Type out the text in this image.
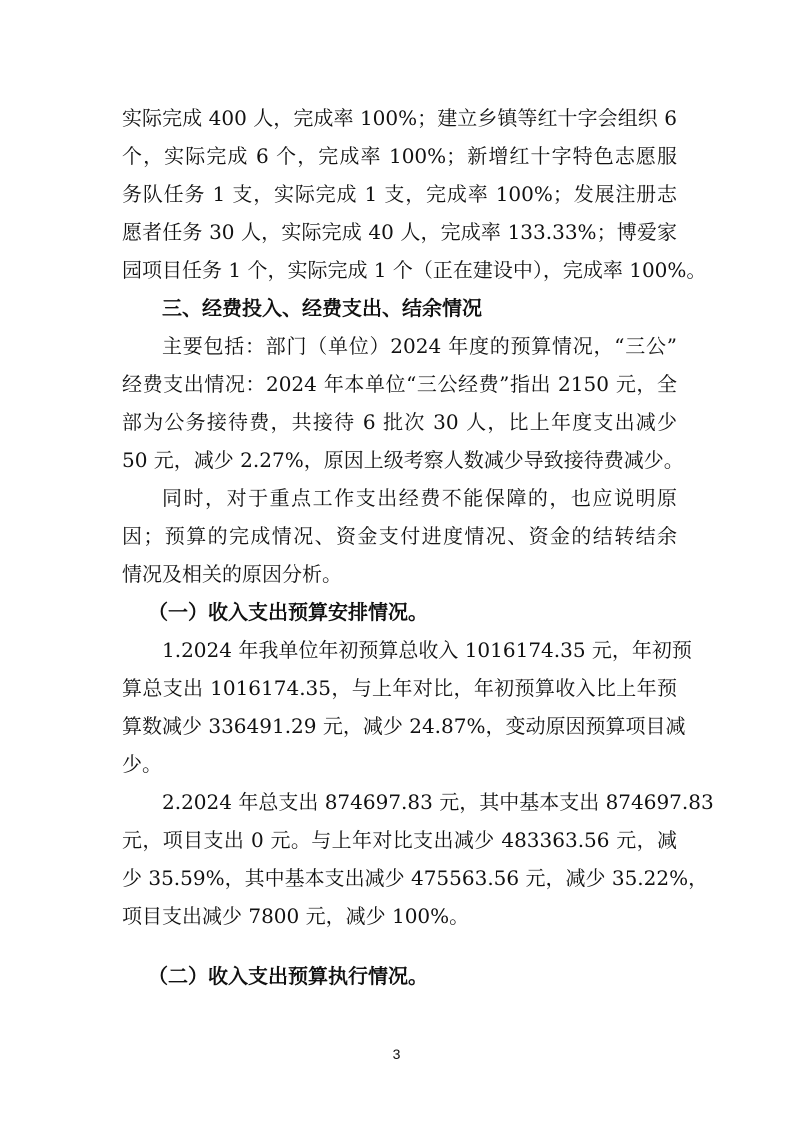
实际完成 400 人，完成率 100%；建立乡镇等红十字会组织 6
个，实际完成 6 个，完成率 100%；新增红十字特色志愿服
务队任务 1 支，实际完成 1 支，完成率 100%；发展注册志
愿者任务 30 人，实际完成 40 人，完成率 133.33%；博爱家
园项目任务 1 个，实际完成 1 个（正在建设中），完成率 100%。
三、经费投入、经费支出、结余情况
主要包括：部门（单位）2024 年度的预算情况，“三公”
经费支出情况：2024 年本单位“三公经费”指出 2150 元，全
部为公务接待费，共接待 6 批次 30 人，比上年度支出减少
50 元，减少 2.27%，原因上级考察人数减少导致接待费减少。
同时，对于重点工作支出经费不能保障的，也应说明原
因；预算的完成情况、资金支付进度情况、资金的结转结余
情况及相关的原因分析。
（一）收入支出预算安排情况。
1.2024 年我单位年初预算总收入 1016174.35 元，年初预
算总支出 1016174.35，与上年对比，年初预算收入比上年预
算数减少 336491.29 元，减少 24.87%，变动原因预算项目减
少。
2.2024 年总支出 874697.83 元，其中基本支出 874697.83
元，项目支出 0 元。与上年对比支出减少 483363.56 元，减
少 35.59%，其中基本支出减少 475563.56 元，减少 35.22%，
项目支出减少 7800 元，减少 100%。
（二）收入支出预算执行情况。
3
